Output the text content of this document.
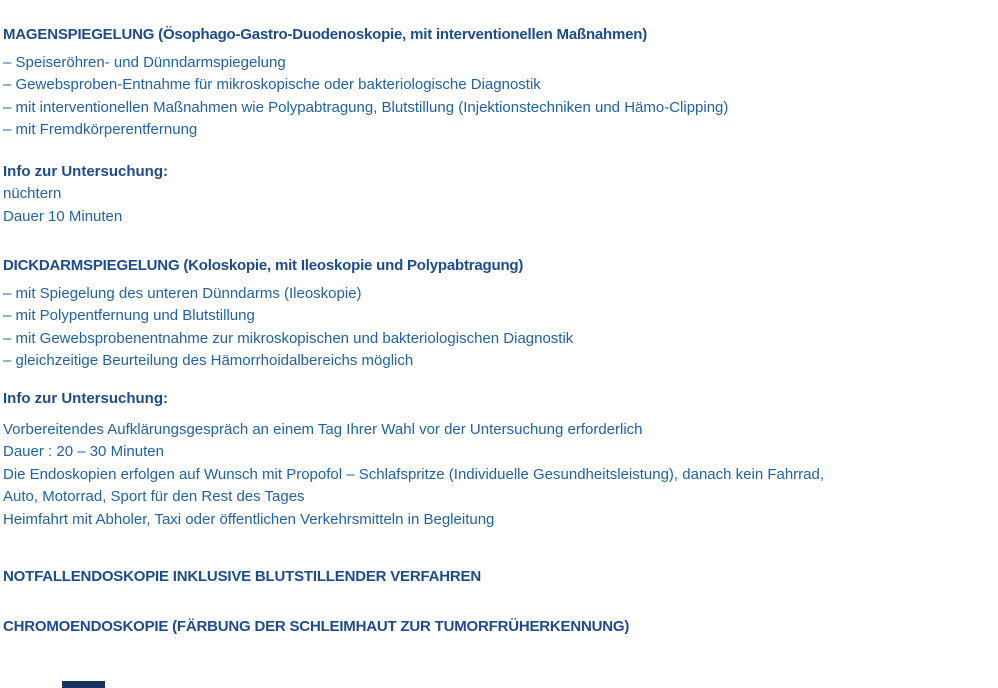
MAGENSPIEGELUNG (Ösophago-Gastro-Duodenoskopie, mit interventionellen Maßnahmen)
– Speiseröhren- und Dünndarmspiegelung
– Gewebsproben-Entnahme für mikroskopische oder bakteriologische Diagnostik
– mit interventionellen Maßnahmen wie Polypabtragung, Blutstillung (Injektionstechniken und Hämo-Clipping)
– mit Fremdkörperentfernung
Info zur Untersuchung:
nüchtern
Dauer 10 Minuten
DICKDARMSPIEGELUNG (Koloskopie, mit Ileoskopie und Polypabtragung)
– mit Spiegelung des unteren Dünndarms (Ileoskopie)
– mit Polypentfernung und Blutstillung
– mit Gewebsprobenentnahme zur mikroskopischen und bakteriologischen Diagnostik
– gleichzeitige Beurteilung des Hämorrhoidalbereichs möglich
Info zur Untersuchung:
Vorbereitendes Aufklärungsgespräch an einem Tag Ihrer Wahl vor der Untersuchung erforderlich
Dauer : 20 – 30 Minuten
Die Endoskopien erfolgen auf Wunsch mit Propofol – Schlafspritze (Individuelle Gesundheitsleistung), danach kein Fahrrad,
Auto, Motorrad, Sport für den Rest des Tages
Heimfahrt mit Abholer, Taxi oder öffentlichen Verkehrsmitteln in Begleitung
NOTFALLENDOSKOPIE INKLUSIVE BLUTSTILLENDER VERFAHREN
CHROMOENDOSKOPIE (FÄRBUNG DER SCHLEIMHAUT ZUR TUMORFRÜHERKENNUNG)
